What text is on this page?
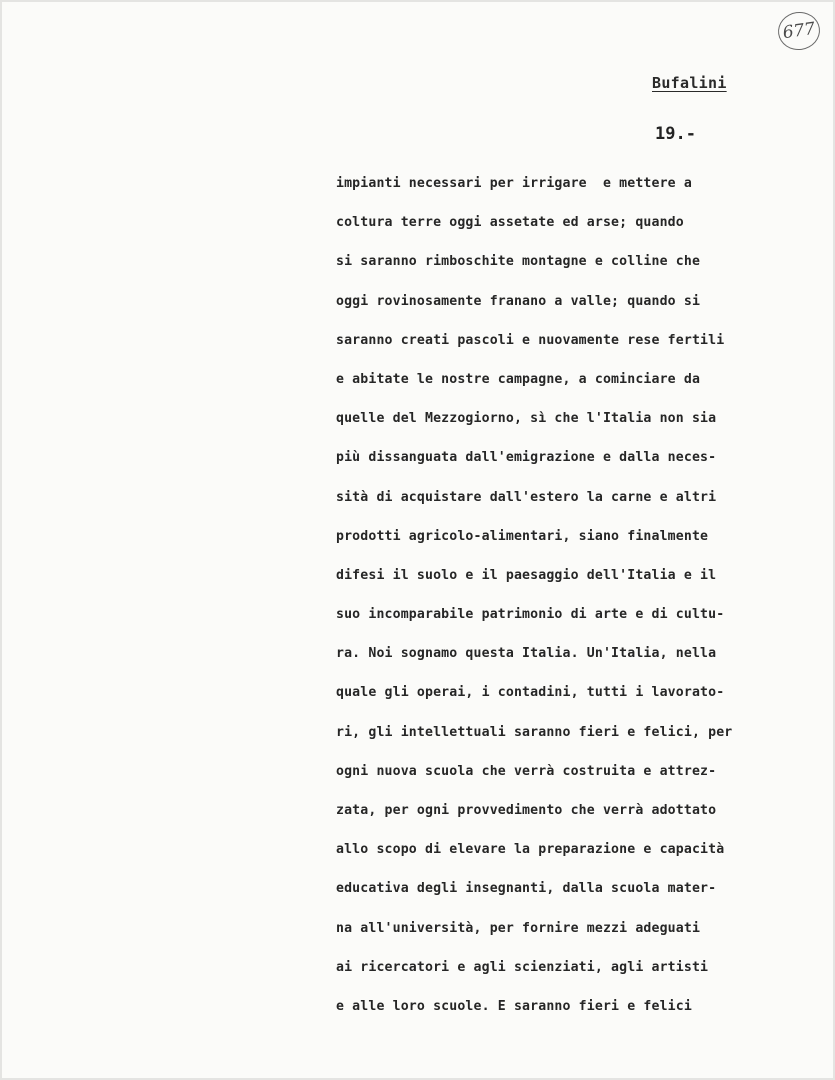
677
Bufalini
19.-
impianti necessari per irrigare  e mettere a
coltura terre oggi assetate ed arse; quando
si saranno rimboschite montagne e colline che
oggi rovinosamente franano a valle; quando si
saranno creati pascoli e nuovamente rese fertili
e abitate le nostre campagne, a cominciare da
quelle del Mezzogiorno, sì che l'Italia non sia
più dissanguata dall'emigrazione e dalla neces-
sità di acquistare dall'estero la carne e altri
prodotti agricolo-alimentari, siano finalmente
difesi il suolo e il paesaggio dell'Italia e il
suo incomparabile patrimonio di arte e di cultu-
ra. Noi sognamo questa Italia. Un'Italia, nella
quale gli operai, i contadini, tutti i lavorato-
ri, gli intellettuali saranno fieri e felici, per
ogni nuova scuola che verrà costruita e attrez-
zata, per ogni provvedimento che verrà adottato
allo scopo di elevare la preparazione e capacità
educativa degli insegnanti, dalla scuola mater-
na all'università, per fornire mezzi adeguati
ai ricercatori e agli scienziati, agli artisti
e alle loro scuole. E saranno fieri e felici
